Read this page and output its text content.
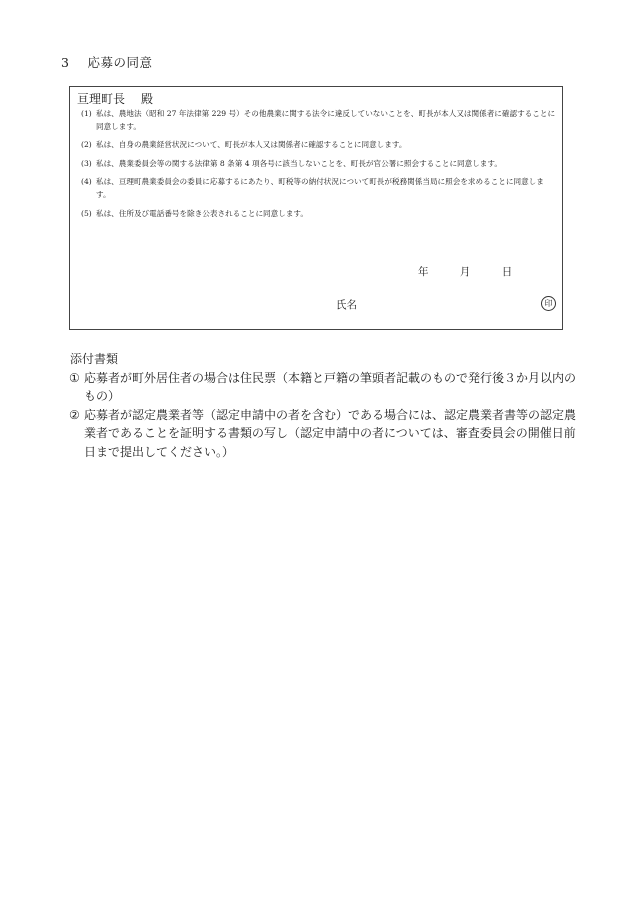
3 応募の同意
亘理町長 殿
(1) 私は、農地法（昭和 27 年法律第 229 号）その他農業に関する法令に違反していないことを、町長が本人又は関係者に確認することに同意します。
(2) 私は、自身の農業経営状況について、町長が本人又は関係者に確認することに同意します。
(3) 私は、農業委員会等の関する法律第 8 条第 4 項各号に該当しないことを、町長が官公署に照会することに同意します。
(4) 私は、亘理町農業委員会の委員に応募するにあたり、町税等の納付状況について町長が税務関係当局に照会を求めることに同意します。
(5) 私は、住所及び電話番号を除き公表されることに同意します。
年	月	日
氏名	印
添付書類
① 応募者が町外居住者の場合は住民票（本籍と戸籍の筆頭者記載のもので発行後３か月以内のもの）
② 応募者が認定農業者等（認定申請中の者を含む）である場合には、認定農業者書等の認定農業者であることを証明する書類の写し（認定申請中の者については、審査委員会の開催日前日まで提出してください。）
